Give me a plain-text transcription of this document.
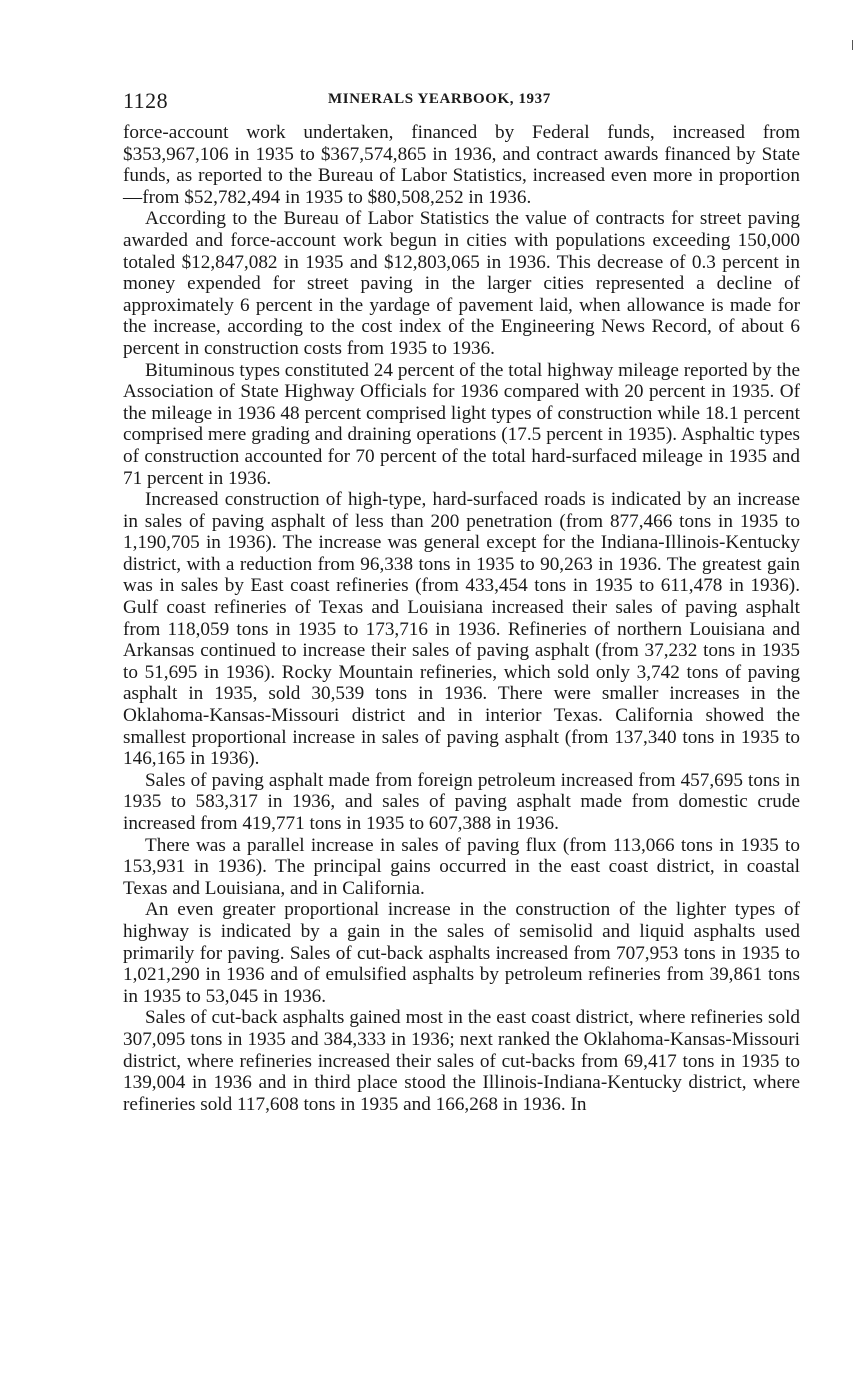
1128	MINERALS YEARBOOK, 1937

force-account work undertaken, financed by Federal funds, increased from $353,967,106 in 1935 to $367,574,865 in 1936, and contract awards financed by State funds, as reported to the Bureau of Labor Statistics, increased even more in proportion—from $52,782,494 in 1935 to $80,508,252 in 1936.

According to the Bureau of Labor Statistics the value of contracts for street paving awarded and force-account work begun in cities with populations exceeding 150,000 totaled $12,847,082 in 1935 and $12,803,065 in 1936. This decrease of 0.3 percent in money expended for street paving in the larger cities represented a decline of approximately 6 percent in the yardage of pavement laid, when allowance is made for the increase, according to the cost index of the Engineering News Record, of about 6 percent in construction costs from 1935 to 1936.

Bituminous types constituted 24 percent of the total highway mileage reported by the Association of State Highway Officials for 1936 compared with 20 percent in 1935. Of the mileage in 1936 48 percent comprised light types of construction while 18.1 percent comprised mere grading and draining operations (17.5 percent in 1935). Asphaltic types of construction accounted for 70 percent of the total hard-surfaced mileage in 1935 and 71 percent in 1936.

Increased construction of high-type, hard-surfaced roads is indicated by an increase in sales of paving asphalt of less than 200 penetration (from 877,466 tons in 1935 to 1,190,705 in 1936). The increase was general except for the Indiana-Illinois-Kentucky district, with a reduction from 96,338 tons in 1935 to 90,263 in 1936. The greatest gain was in sales by East coast refineries (from 433,454 tons in 1935 to 611,478 in 1936). Gulf coast refineries of Texas and Louisiana increased their sales of paving asphalt from 118,059 tons in 1935 to 173,716 in 1936. Refineries of northern Louisiana and Arkansas continued to increase their sales of paving asphalt (from 37,232 tons in 1935 to 51,695 in 1936). Rocky Mountain refineries, which sold only 3,742 tons of paving asphalt in 1935, sold 30,539 tons in 1936. There were smaller increases in the Oklahoma-Kansas-Missouri district and in interior Texas. California showed the smallest proportional increase in sales of paving asphalt (from 137,340 tons in 1935 to 146,165 in 1936).

Sales of paving asphalt made from foreign petroleum increased from 457,695 tons in 1935 to 583,317 in 1936, and sales of paving asphalt made from domestic crude increased from 419,771 tons in 1935 to 607,388 in 1936.

There was a parallel increase in sales of paving flux (from 113,066 tons in 1935 to 153,931 in 1936). The principal gains occurred in the east coast district, in coastal Texas and Louisiana, and in California.

An even greater proportional increase in the construction of the lighter types of highway is indicated by a gain in the sales of semisolid and liquid asphalts used primarily for paving. Sales of cut-back asphalts increased from 707,953 tons in 1935 to 1,021,290 in 1936 and of emulsified asphalts by petroleum refineries from 39,861 tons in 1935 to 53,045 in 1936.

Sales of cut-back asphalts gained most in the east coast district, where refineries sold 307,095 tons in 1935 and 384,333 in 1936; next ranked the Oklahoma-Kansas-Missouri district, where refineries increased their sales of cut-backs from 69,417 tons in 1935 to 139,004 in 1936 and in third place stood the Illinois-Indiana-Kentucky district, where refineries sold 117,608 tons in 1935 and 166,268 in 1936. In
